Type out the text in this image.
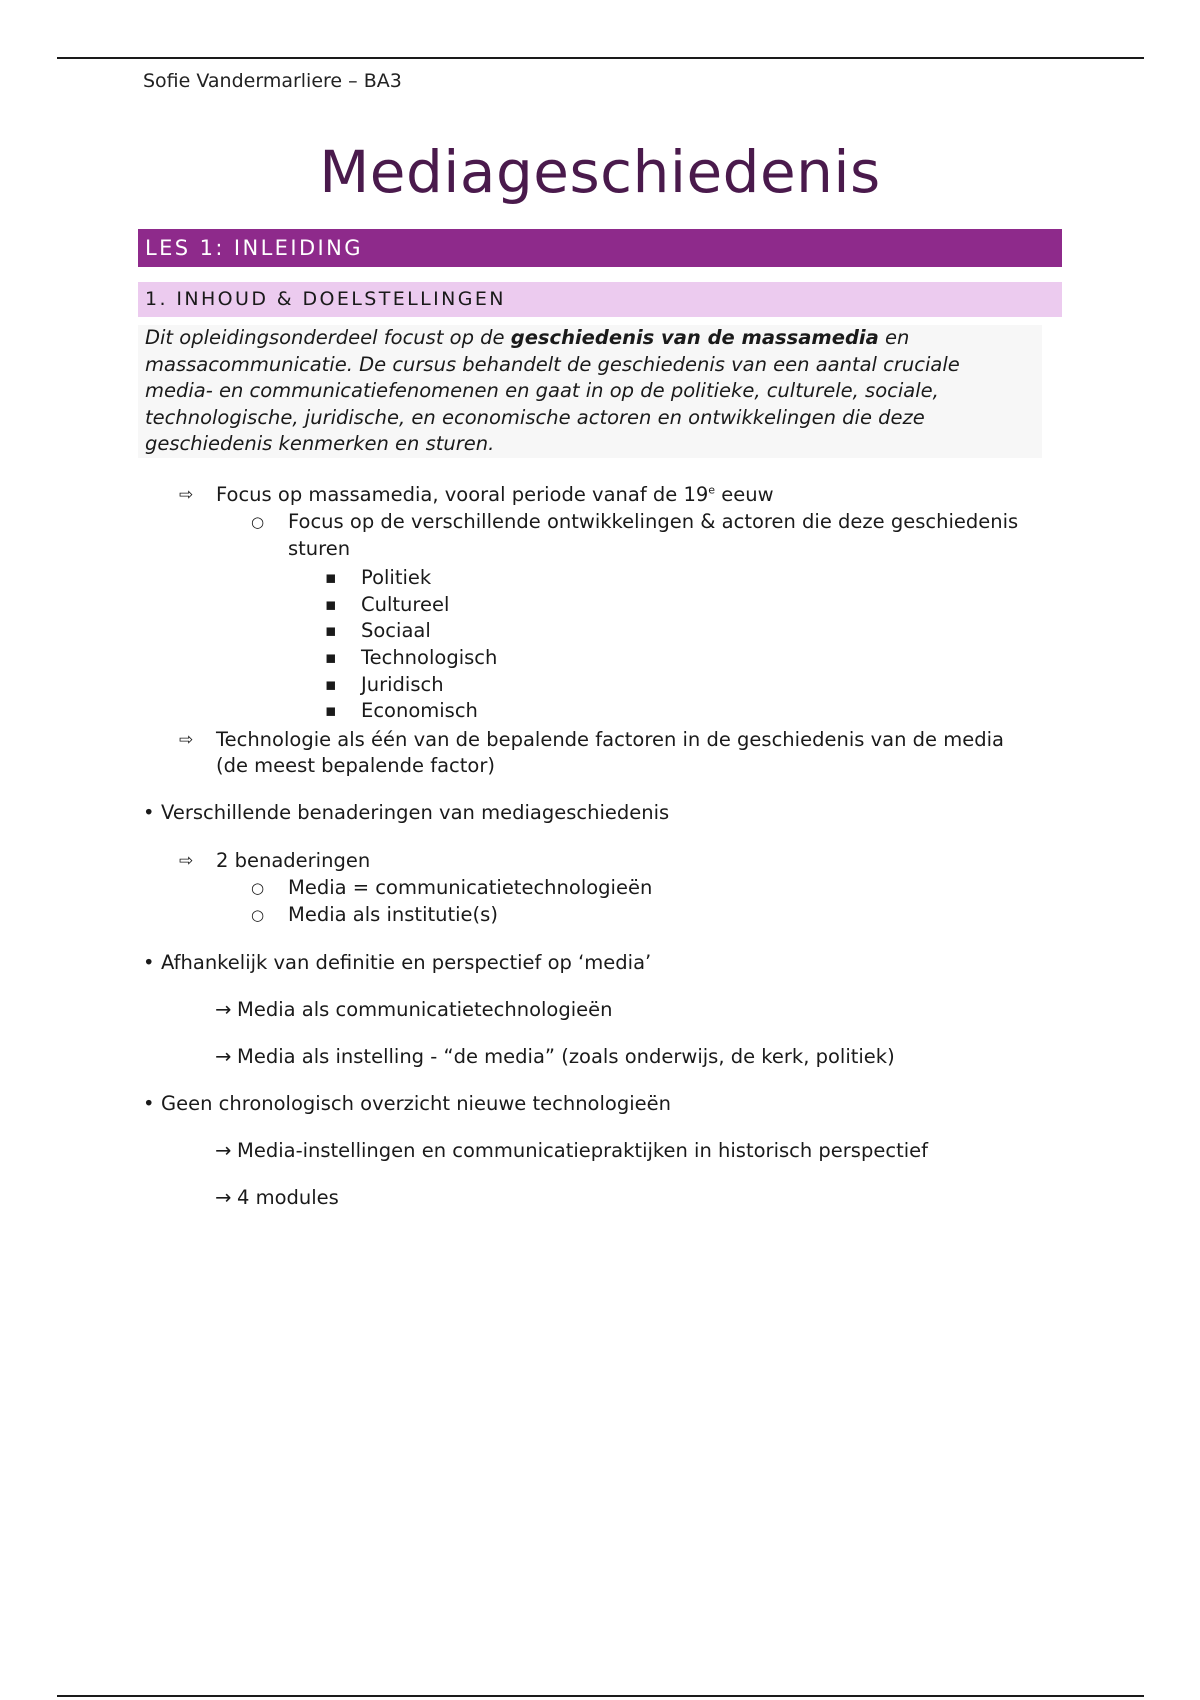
Sofie Vandermarliere – BA3
Mediageschiedenis
LES 1: INLEIDING
1. INHOUD & DOELSTELLINGEN
Dit opleidingsonderdeel focust op de geschiedenis van de massamedia en
massacommunicatie. De cursus behandelt de geschiedenis van een aantal cruciale
media- en communicatiefenomenen en gaat in op de politieke, culturele, sociale,
technologische, juridische, en economische actoren en ontwikkelingen die deze
geschiedenis kenmerken en sturen.
⇨ Focus op massamedia, vooral periode vanaf de 19e eeuw
○ Focus op de verschillende ontwikkelingen & actoren die deze geschiedenis
sturen
▪ Politiek
▪ Cultureel
▪ Sociaal
▪ Technologisch
▪ Juridisch
▪ Economisch
⇨ Technologie als één van de bepalende factoren in de geschiedenis van de media
(de meest bepalende factor)
• Verschillende benaderingen van mediageschiedenis
⇨ 2 benaderingen
○ Media = communicatietechnologieën
○ Media als institutie(s)
• Afhankelijk van definitie en perspectief op ‘media’
→ Media als communicatietechnologieën
→ Media als instelling - “de media” (zoals onderwijs, de kerk, politiek)
• Geen chronologisch overzicht nieuwe technologieën
→ Media-instellingen en communicatiepraktijken in historisch perspectief
→ 4 modules
